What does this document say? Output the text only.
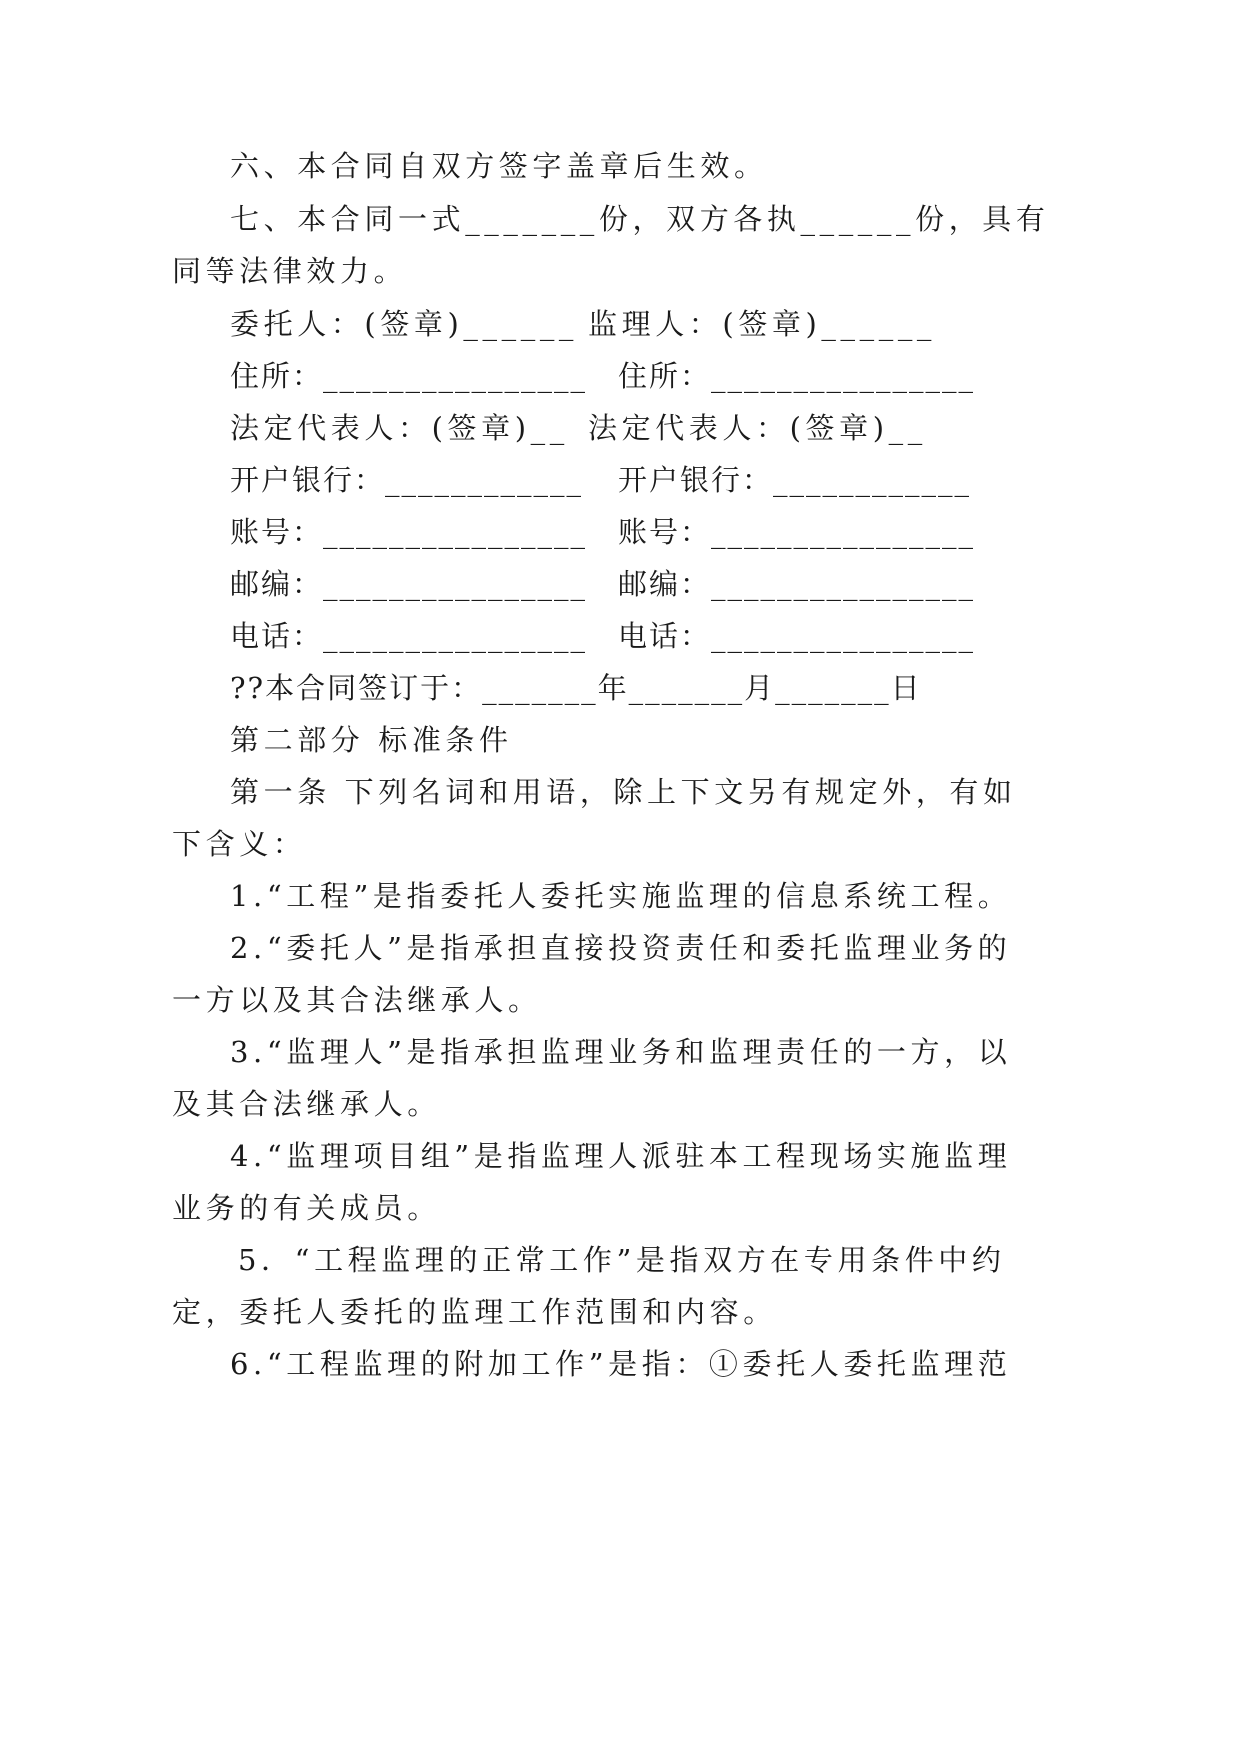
六、本合同自双方签字盖章后生效。
七、本合同一式_______份，双方各执______份，具有
同等法律效力。
委托人：(签章)______ 监理人：(签章)______
住所：________________ 住所：________________
法定代表人：(签章)__ 法定代表人：(签章)__
开户银行：____________ 开户银行：____________
账号：________________ 账号：________________
邮编：________________ 邮编：________________
电话：________________ 电话：________________
??本合同签订于：_______年_______月_______日
第二部分 标准条件
第一条 下列名词和用语，除上下文另有规定外，有如
下含义：
1.“工程”是指委托人委托实施监理的信息系统工程。
2.“委托人”是指承担直接投资责任和委托监理业务的
一方以及其合法继承人。
3.“监理人”是指承担监理业务和监理责任的一方，以
及其合法继承人。
4.“监理项目组”是指监理人派驻本工程现场实施监理
业务的有关成员。
5．“工程监理的正常工作”是指双方在专用条件中约
定，委托人委托的监理工作范围和内容。
6.“工程监理的附加工作”是指：①委托人委托监理范
